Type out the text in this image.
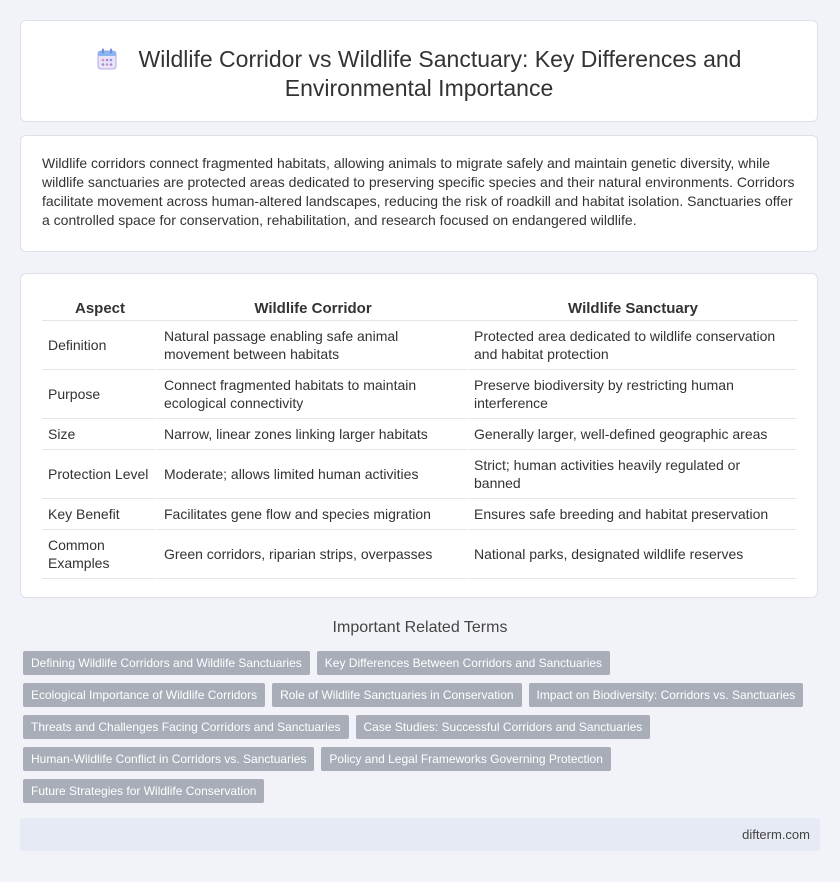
Wildlife Corridor vs Wildlife Sanctuary: Key Differences and Environmental Importance
Wildlife corridors connect fragmented habitats, allowing animals to migrate safely and maintain genetic diversity, while wildlife sanctuaries are protected areas dedicated to preserving specific species and their natural environments. Corridors facilitate movement across human-altered landscapes, reducing the risk of roadkill and habitat isolation. Sanctuaries offer a controlled space for conservation, rehabilitation, and research focused on endangered wildlife.
Aspect	Wildlife Corridor	Wildlife Sanctuary
Definition	Natural passage enabling safe animal movement between habitats	Protected area dedicated to wildlife conservation and habitat protection
Purpose	Connect fragmented habitats to maintain ecological connectivity	Preserve biodiversity by restricting human interference
Size	Narrow, linear zones linking larger habitats	Generally larger, well-defined geographic areas
Protection Level	Moderate; allows limited human activities	Strict; human activities heavily regulated or banned
Key Benefit	Facilitates gene flow and species migration	Ensures safe breeding and habitat preservation
Common Examples	Green corridors, riparian strips, overpasses	National parks, designated wildlife reserves
Important Related Terms
Defining Wildlife Corridors and Wildlife Sanctuaries	Key Differences Between Corridors and Sanctuaries
Ecological Importance of Wildlife Corridors	Role of Wildlife Sanctuaries in Conservation	Impact on Biodiversity: Corridors vs. Sanctuaries
Threats and Challenges Facing Corridors and Sanctuaries	Case Studies: Successful Corridors and Sanctuaries
Human-Wildlife Conflict in Corridors vs. Sanctuaries	Policy and Legal Frameworks Governing Protection
Future Strategies for Wildlife Conservation
difterm.com
